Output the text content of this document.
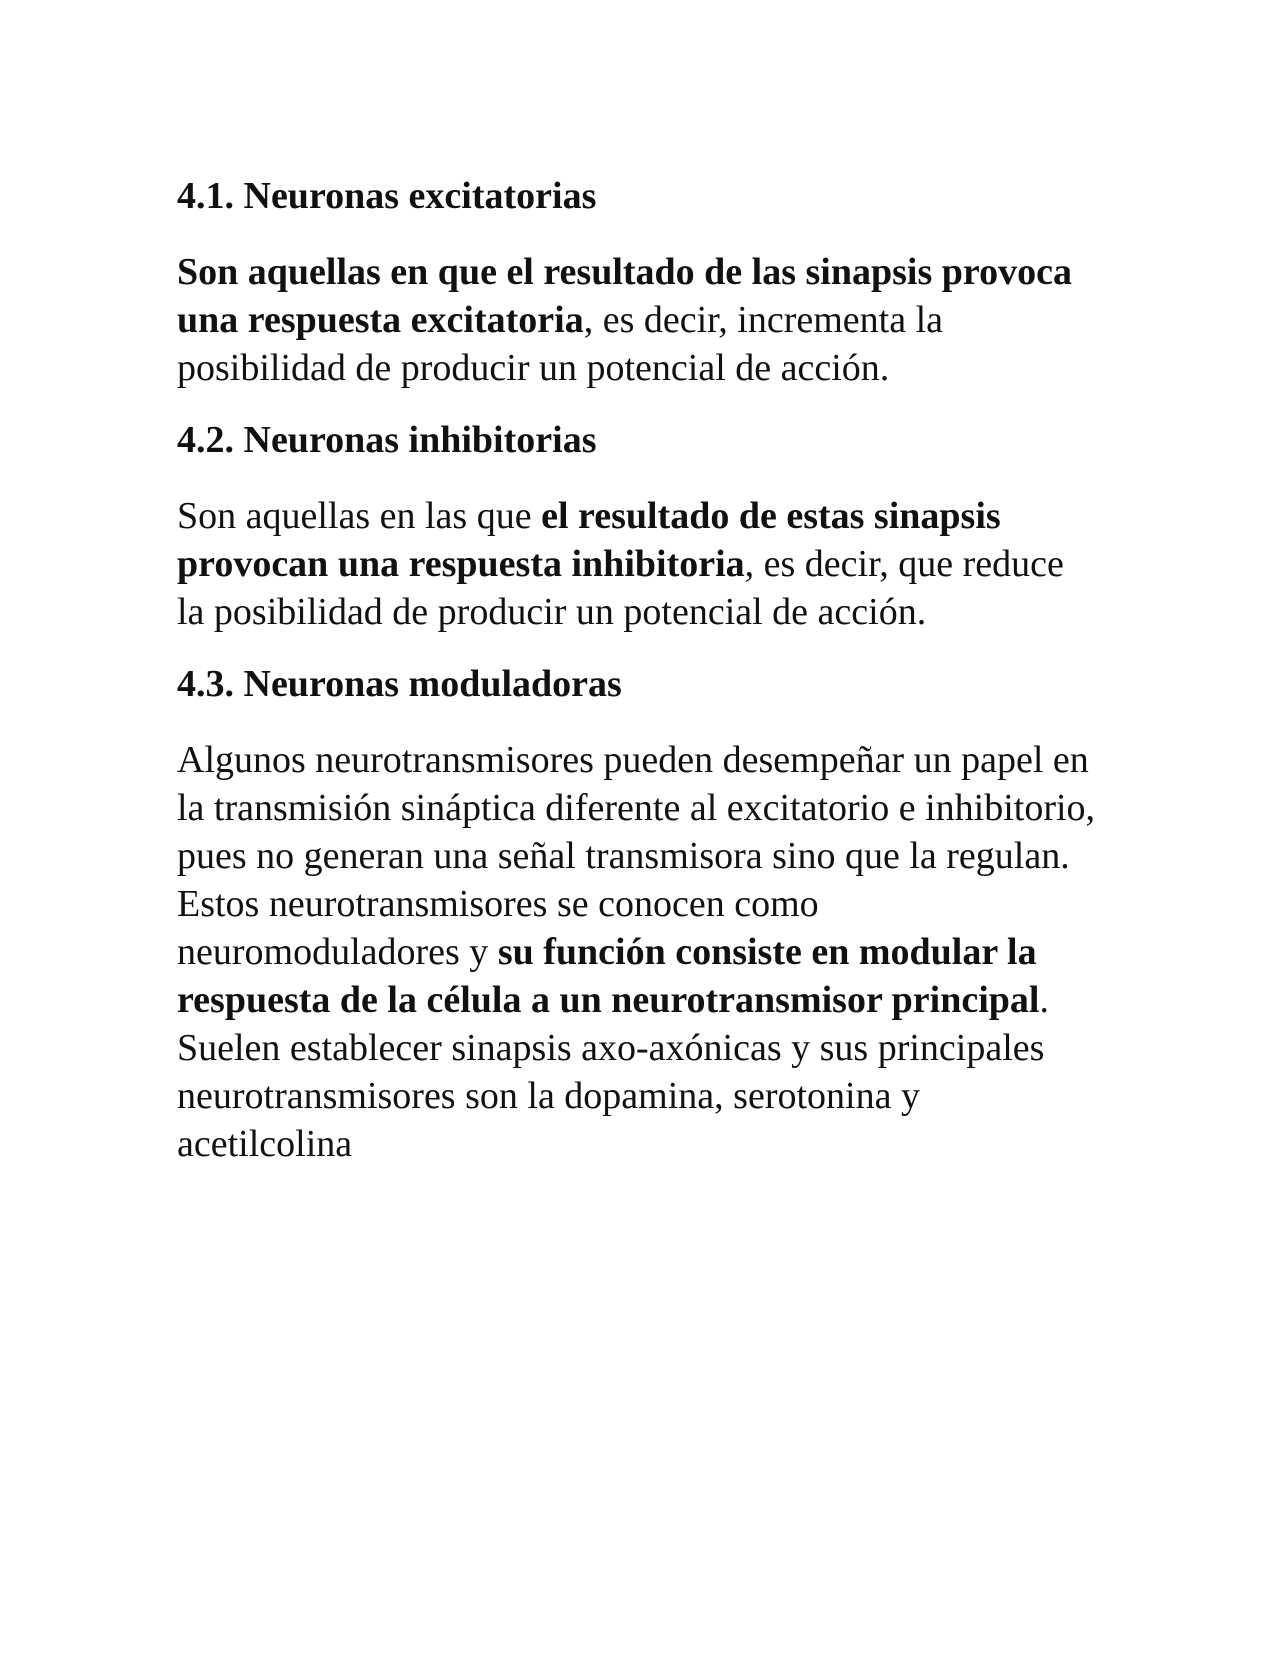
4.1. Neuronas excitatorias

Son aquellas en que el resultado de las sinapsis provoca una respuesta excitatoria, es decir, incrementa la posibilidad de producir un potencial de acción.

4.2. Neuronas inhibitorias

Son aquellas en las que el resultado de estas sinapsis provocan una respuesta inhibitoria, es decir, que reduce la posibilidad de producir un potencial de acción.

4.3. Neuronas moduladoras

Algunos neurotransmisores pueden desempeñar un papel en la transmisión sináptica diferente al excitatorio e inhibitorio, pues no generan una señal transmisora sino que la regulan. Estos neurotransmisores se conocen como neuromoduladores y su función consiste en modular la respuesta de la célula a un neurotransmisor principal. Suelen establecer sinapsis axo-axónicas y sus principales neurotransmisores son la dopamina, serotonina y acetilcolina
